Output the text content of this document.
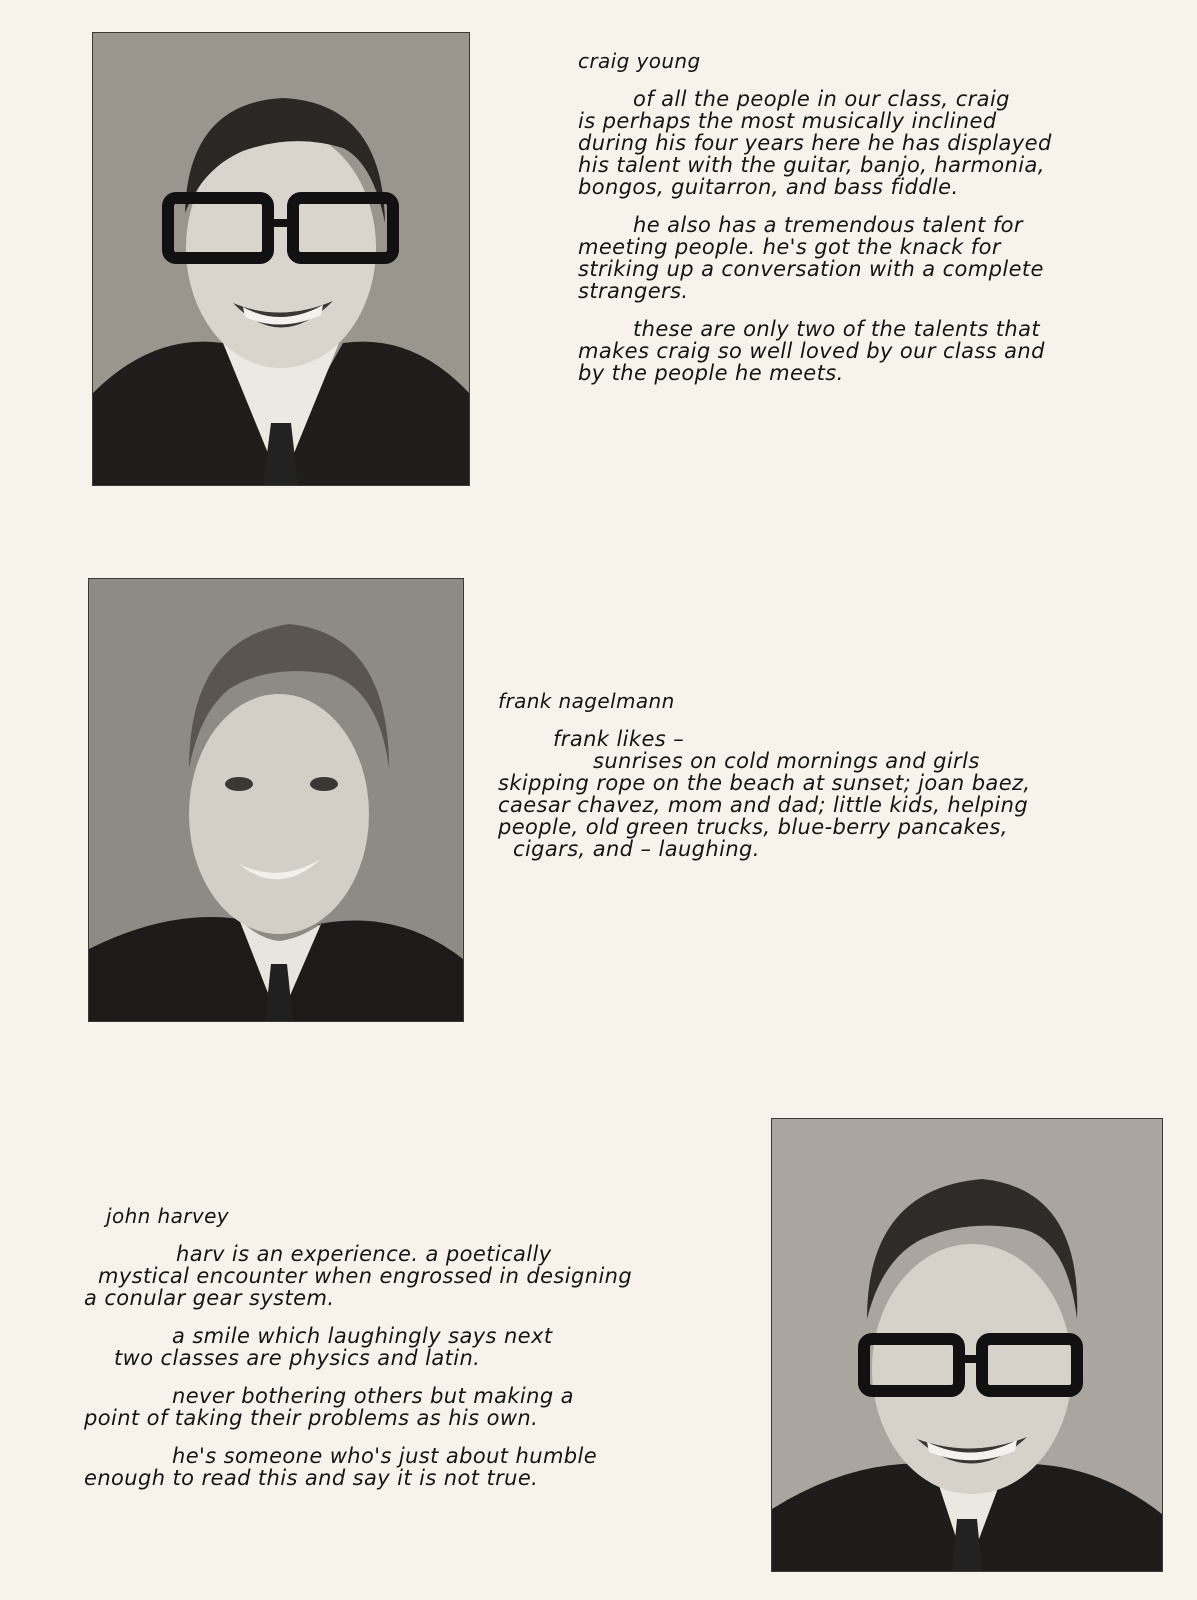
craig young

of all the people in our class, craig
is perhaps the most musically inclined
during his four years here he has displayed
his talent with the guitar, banjo, harmonia,
bongos, guitarron, and bass fiddle.

he also has a tremendous talent for
meeting people. he's got the knack for
striking up a conversation with a complete
strangers.

these are only two of the talents that
makes craig so well loved by our class and
by the people he meets.

frank nagelmann

frank likes –
sunrises on cold mornings and girls
skipping rope on the beach at sunset; joan baez,
caesar chavez, mom and dad; little kids, helping
people, old green trucks, blue-berry pancakes,
cigars, and – laughing.

john harvey

harv is an experience. a poetically
mystical encounter when engrossed in designing
a conular gear system.

a smile which laughingly says next
two classes are physics and latin.

never bothering others but making a
point of taking their problems as his own.

he's someone who's just about humble
enough to read this and say it is not true.
